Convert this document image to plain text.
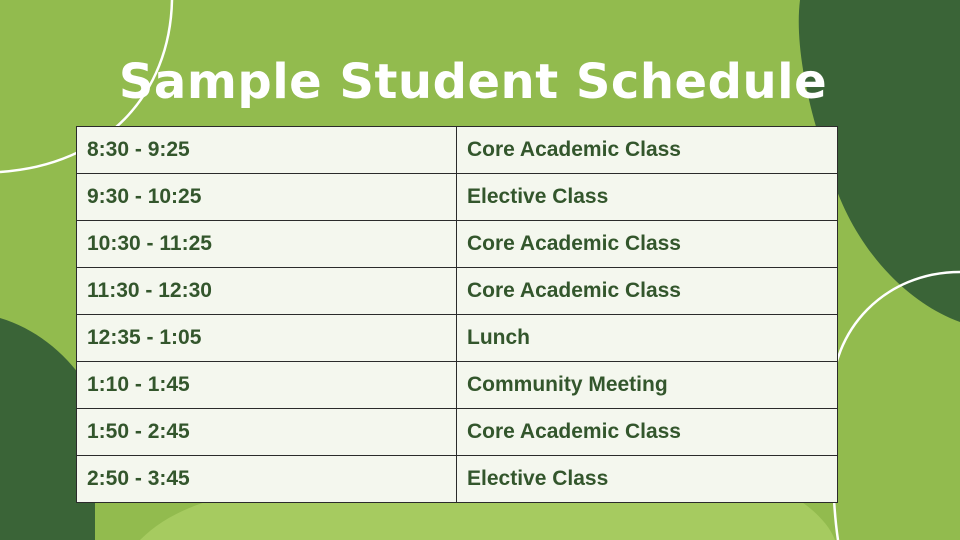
Sample Student Schedule
8:30 - 9:25	Core Academic Class
9:30 - 10:25	Elective Class
10:30 - 11:25	Core Academic Class
11:30 - 12:30	Core Academic Class
12:35 - 1:05	Lunch
1:10 - 1:45	Community Meeting
1:50 - 2:45	Core Academic Class
2:50 - 3:45	Elective Class
